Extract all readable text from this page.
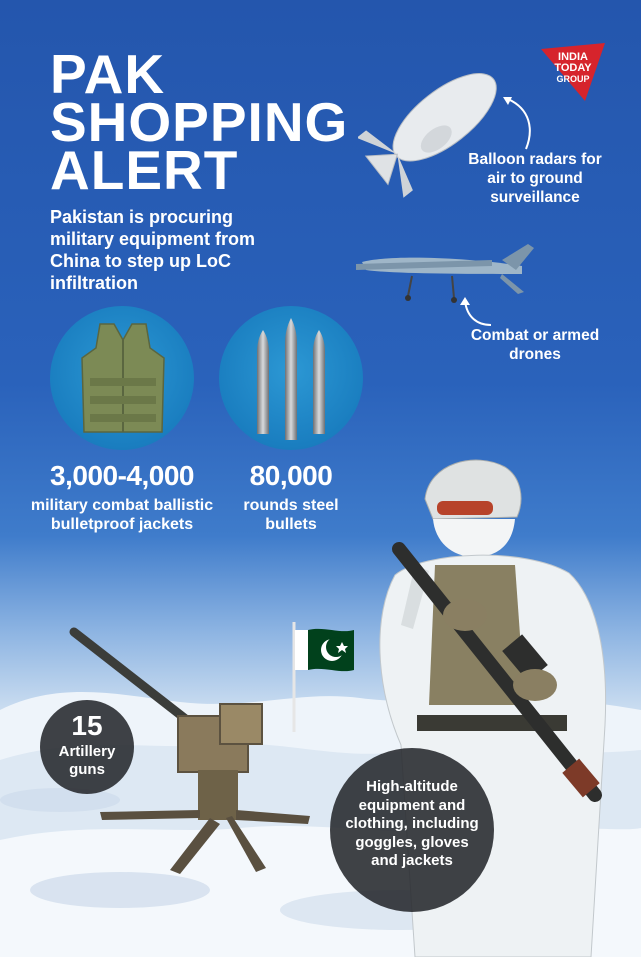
PAK
SHOPPING
ALERT

Pakistan is procuring military equipment from China to step up LoC infiltration

INDIA
TODAY
GROUP
Balloon radars for air to ground surveillance
Combat or armed drones
3,000-4,000
military combat ballistic bulletproof jackets
80,000
rounds steel bullets
15
Artillery guns
High-altitude equipment and clothing, including goggles, gloves and jackets
